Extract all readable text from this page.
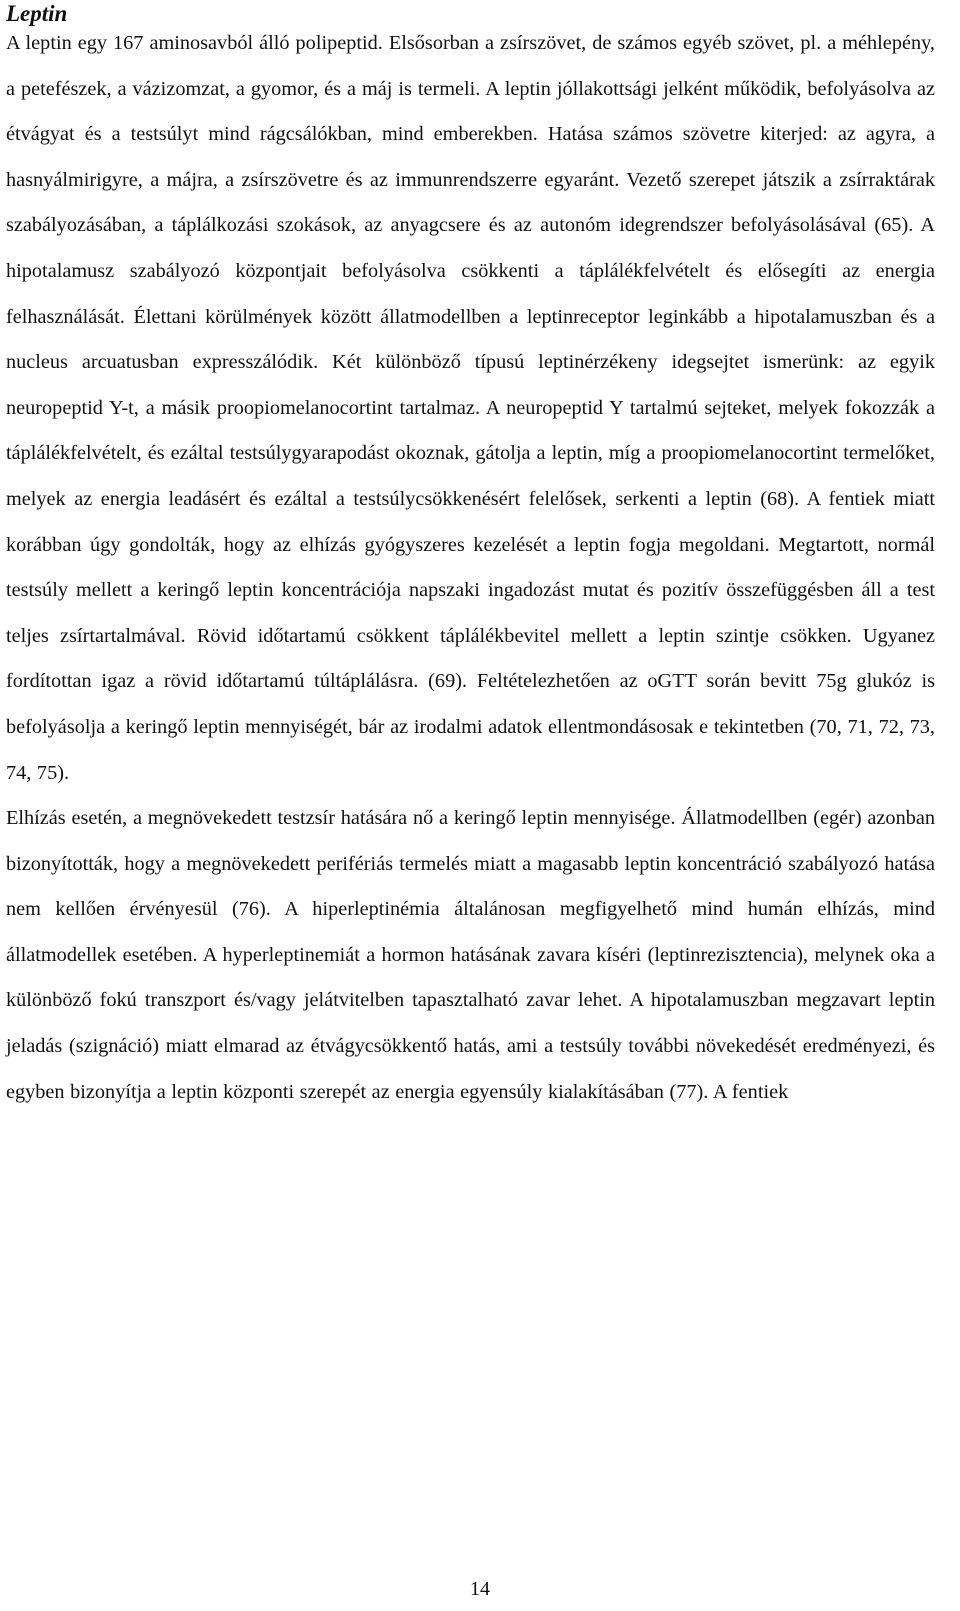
Leptin

A leptin egy 167 aminosavból álló polipeptid. Elsősorban a zsírszövet, de számos egyéb szövet, pl. a méhlepény, a petefészek, a vázizomzat, a gyomor, és a máj is termeli. A leptin jóllakottsági jelként működik, befolyásolva az étvágyat és a testsúlyt mind rágcsálókban, mind emberekben. Hatása számos szövetre kiterjed: az agyra, a hasnyálmirigyre, a májra, a zsírszövetre és az immunrendszerre egyaránt. Vezető szerepet játszik a zsírraktárak szabályozásában, a táplálkozási szokások, az anyagcsere és az autonóm idegrendszer befolyásolásával (65). A hipotalamusz szabályozó központjait befolyásolva csökkenti a táplálékfelvételt és elősegíti az energia felhasználását. Élettani körülmények között állatmodellben a leptinreceptor leginkább a hipotalamuszban és a nucleus arcuatusban expresszálódik. Két különböző típusú leptinérzékeny idegsejtet ismerünk: az egyik neuropeptid Y-t, a másik proopiomelanocortint tartalmaz. A neuropeptid Y tartalmú sejteket, melyek fokozzák a táplálékfelvételt, és ezáltal testsúlygyarapodást okoznak, gátolja a leptin, míg a proopiomelanocortint termelőket, melyek az energia leadásért és ezáltal a testsúlycsökkenésért felelősek, serkenti a leptin (68). A fentiek miatt korábban úgy gondolták, hogy az elhízás gyógyszeres kezelését a leptin fogja megoldani. Megtartott, normál testsúly mellett a keringő leptin koncentrációja napszaki ingadozást mutat és pozitív összefüggésben áll a test teljes zsírtartalmával. Rövid időtartamú csökkent táplálékbevitel mellett a leptin szintje csökken. Ugyanez fordítottan igaz a rövid időtartamú túltáplálásra. (69). Feltételezhetően az oGTT során bevitt 75g glukóz is befolyásolja a keringő leptin mennyiségét, bár az irodalmi adatok ellentmondásosak e tekintetben (70, 71, 72, 73, 74, 75).

Elhízás esetén, a megnövekedett testzsír hatására nő a keringő leptin mennyisége. Állatmodellben (egér) azonban bizonyították, hogy a megnövekedett perifériás termelés miatt a magasabb leptin koncentráció szabályozó hatása nem kellően érvényesül (76). A hiperleptinémia általánosan megfigyelhető mind humán elhízás, mind állatmodellek esetében. A hyperleptinemiát a hormon hatásának zavara kíséri (leptinrezisztencia), melynek oka a különböző fokú transzport és/vagy jelátvitelben tapasztalható zavar lehet. A hipotalamuszban megzavart leptin jeladás (szignáció) miatt elmarad az étvágycsökkentő hatás, ami a testsúly további növekedését eredményezi, és egyben bizonyítja a leptin központi szerepét az energia egyensúly kialakításában (77). A fentiek

14
